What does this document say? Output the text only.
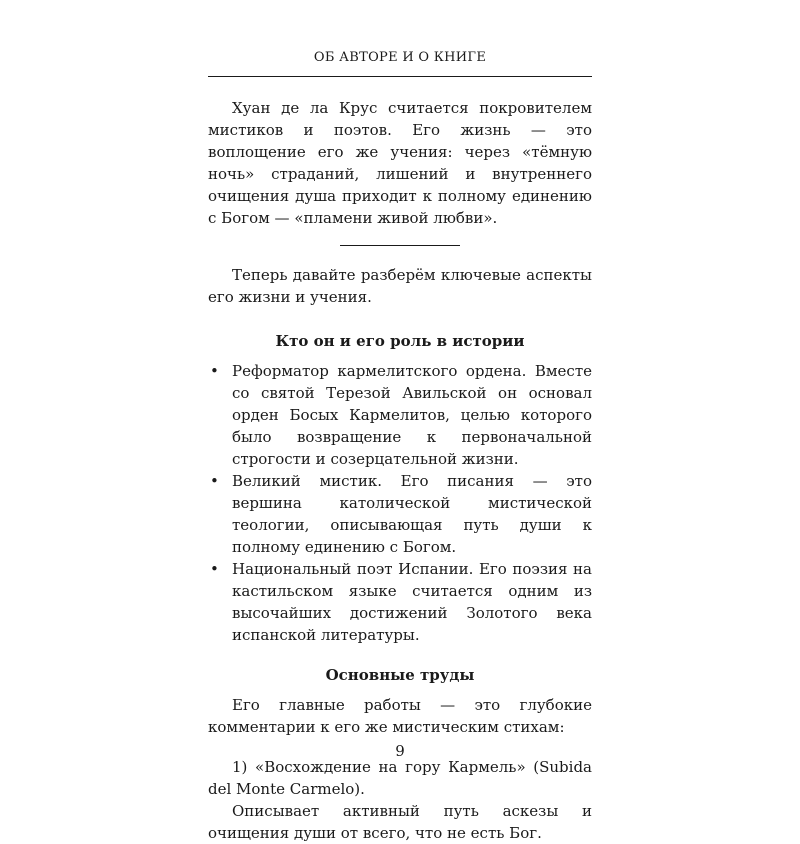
ОБ АВТОРЕ И О КНИГЕ

Хуан де ла Крус считается покровителем мистиков и поэтов. Его жизнь — это воплощение его же учения: через «тёмную ночь» страданий, лишений и внутреннего очищения душа приходит к полному единению с Богом — «пламени живой любви».

Теперь давайте разберём ключевые аспекты его жизни и учения.

Кто он и его роль в истории
• Реформатор кармелитского ордена. Вместе со святой Терезой Авильской он основал орден Босых Кармелитов, целью которого было возвращение к первоначальной строгости и созерцательной жизни.
• Великий мистик. Его писания — это вершина католической мистической теологии, описывающая путь души к полному единению с Богом.
• Национальный поэт Испании. Его поэзия на кастильском языке считается одним из высочайших достижений Золотого века испанской литературы.
Основные труды

Его главные работы — это глубокие комментарии к его же мистическим стихам:

1) «Восхождение на гору Кармель» (Subida del Monte Carmelo).

Описывает активный путь аскезы и очищения души от всего, что не есть Бог.

9
